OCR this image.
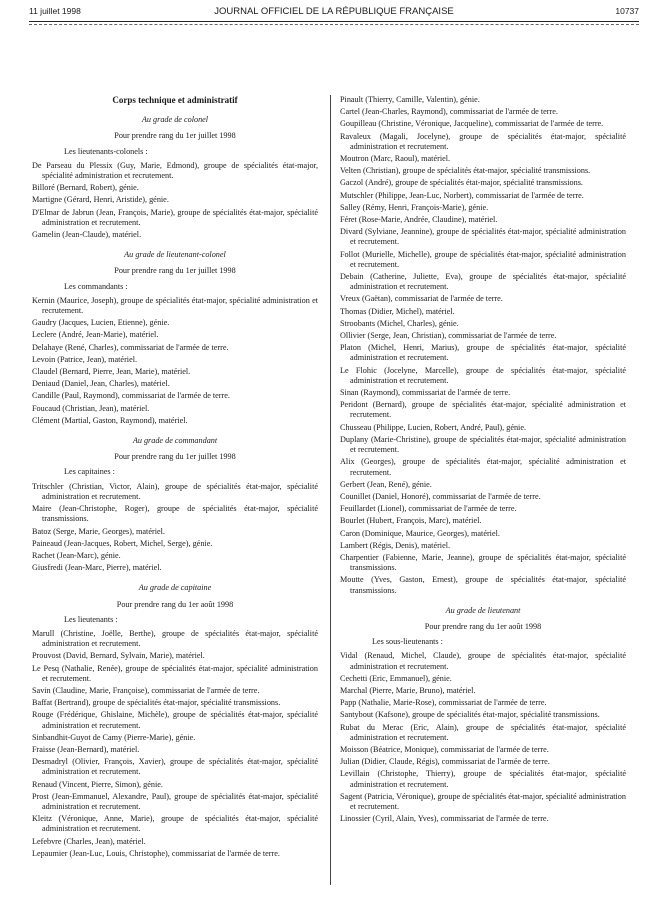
11 juillet 1998	JOURNAL OFFICIEL DE LA RÉPUBLIQUE FRANÇAISE	10737
Corps technique et administratif
Au grade de colonel
Pour prendre rang du 1er juillet 1998
Les lieutenants-colonels :
De Parseau du Plessix (Guy, Marie, Edmond), groupe de spécialités état-major, spécialité administration et recrutement.
Billoré (Bernard, Robert), génie.
Martigne (Gérard, Henri, Aristide), génie.
D'Elmar de Jabrun (Jean, François, Marie), groupe de spécialités état-major, spécialité administration et recrutement.
Gamelin (Jean-Claude), matériel.
Au grade de lieutenant-colonel
Pour prendre rang du 1er juillet 1998
Les commandants :
Kernin (Maurice, Joseph), groupe de spécialités état-major, spécialité administration et recrutement.
Gaudry (Jacques, Lucien, Etienne), génie.
Leclere (André, Jean-Marie), matériel.
Delahaye (René, Charles), commissariat de l'armée de terre.
Levoin (Patrice, Jean), matériel.
Claudel (Bernard, Pierre, Jean, Marie), matériel.
Deniaud (Daniel, Jean, Charles), matériel.
Candille (Paul, Raymond), commissariat de l'armée de terre.
Foucaud (Christian, Jean), matériel.
Clément (Martial, Gaston, Raymond), matériel.
Au grade de commandant
Pour prendre rang du 1er juillet 1998
Les capitaines :
Tritschler (Christian, Victor, Alain), groupe de spécialités état-major, spécialité administration et recrutement.
Maire (Jean-Christophe, Roger), groupe de spécialités état-major, spécialité transmissions.
Batoz (Serge, Marie, Georges), matériel.
Paineaud (Jean-Jacques, Robert, Michel, Serge), génie.
Rachet (Jean-Marc), génie.
Giusfredi (Jean-Marc, Pierre), matériel.
Au grade de capitaine
Pour prendre rang du 1er août 1998
Les lieutenants :
Marull (Christine, Joëlle, Berthe), groupe de spécialités état-major, spécialité administration et recrutement.
Prouvost (David, Bernard, Sylvain, Marie), matériel.
Le Pesq (Nathalie, Renée), groupe de spécialités état-major, spécialité administration et recrutement.
Savin (Claudine, Marie, Françoise), commissariat de l'armée de terre.
Baffat (Bertrand), groupe de spécialités état-major, spécialité transmissions.
Rouge (Frédérique, Ghislaine, Michèle), groupe de spécialités état-major, spécialité administration et recrutement.
Sinbandhit-Guyot de Camy (Pierre-Marie), génie.
Fraisse (Jean-Bernard), matériel.
Desmadryl (Olivier, François, Xavier), groupe de spécialités état-major, spécialité administration et recrutement.
Renaud (Vincent, Pierre, Simon), génie.
Prost (Jean-Emmanuel, Alexandre, Paul), groupe de spécialités état-major, spécialité administration et recrutement.
Kleitz (Véronique, Anne, Marie), groupe de spécialités état-major, spécialité administration et recrutement.
Lefebvre (Charles, Jean), matériel.
Lepaumier (Jean-Luc, Louis, Christophe), commissariat de l'armée de terre.
Pinault (Thierry, Camille, Valentin), génie.
Cartel (Jean-Charles, Raymond), commissariat de l'armée de terre.
Goupilleau (Christine, Véronique, Jacqueline), commissariat de l'armée de terre.
Ravaleux (Magali, Jocelyne), groupe de spécialités état-major, spécialité administration et recrutement.
Moutron (Marc, Raoul), matériel.
Velten (Christian), groupe de spécialités état-major, spécialité transmissions.
Gaczol (André), groupe de spécialités état-major, spécialité transmissions.
Mutschler (Philippe, Jean-Luc, Norbert), commissariat de l'armée de terre.
Salley (Rémy, Henri, François-Marie), génie.
Féret (Rose-Marie, Andrée, Claudine), matériel.
Divard (Sylviane, Jeannine), groupe de spécialités état-major, spécialité administration et recrutement.
Follot (Murielle, Michelle), groupe de spécialités état-major, spécialité administration et recrutement.
Debain (Catherine, Juliette, Eva), groupe de spécialités état-major, spécialité administration et recrutement.
Vreux (Gaëtan), commissariat de l'armée de terre.
Thomas (Didier, Michel), matériel.
Stroobants (Michel, Charles), génie.
Ollivier (Serge, Jean, Christian), commissariat de l'armée de terre.
Platon (Michel, Henri, Marius), groupe de spécialités état-major, spécialité administration et recrutement.
Le Flohic (Jocelyne, Marcelle), groupe de spécialités état-major, spécialité administration et recrutement.
Sinan (Raymond), commissariat de l'armée de terre.
Peridont (Bernard), groupe de spécialités état-major, spécialité administration et recrutement.
Chusseau (Philippe, Lucien, Robert, André, Paul), génie.
Duplany (Marie-Christine), groupe de spécialités état-major, spécialité administration et recrutement.
Alix (Georges), groupe de spécialités état-major, spécialité administration et recrutement.
Gerbert (Jean, René), génie.
Counillet (Daniel, Honoré), commissariat de l'armée de terre.
Feuillardet (Lionel), commissariat de l'armée de terre.
Bourlet (Hubert, François, Marc), matériel.
Caron (Dominique, Maurice, Georges), matériel.
Lambert (Régis, Denis), matériel.
Charpentier (Fabienne, Marie, Jeanne), groupe de spécialités état-major, spécialité transmissions.
Moutte (Yves, Gaston, Ernest), groupe de spécialités état-major, spécialité transmissions.
Au grade de lieutenant
Pour prendre rang du 1er août 1998
Les sous-lieutenants :
Vidal (Renaud, Michel, Claude), groupe de spécialités état-major, spécialité administration et recrutement.
Cechetti (Eric, Emmanuel), génie.
Marchal (Pierre, Marie, Bruno), matériel.
Papp (Nathalie, Marie-Rose), commissariat de l'armée de terre.
Santybout (Kafsone), groupe de spécialités état-major, spécialité transmissions.
Rubat du Merac (Eric, Alain), groupe de spécialités état-major, spécialité administration et recrutement.
Moisson (Béatrice, Monique), commissariat de l'armée de terre.
Julian (Didier, Claude, Régis), commissariat de l'armée de terre.
Levillain (Christophe, Thierry), groupe de spécialités état-major, spécialité administration et recrutement.
Sagent (Patricia, Véronique), groupe de spécialités état-major, spécialité administration et recrutement.
Linossier (Cyril, Alain, Yves), commissariat de l'armée de terre.
